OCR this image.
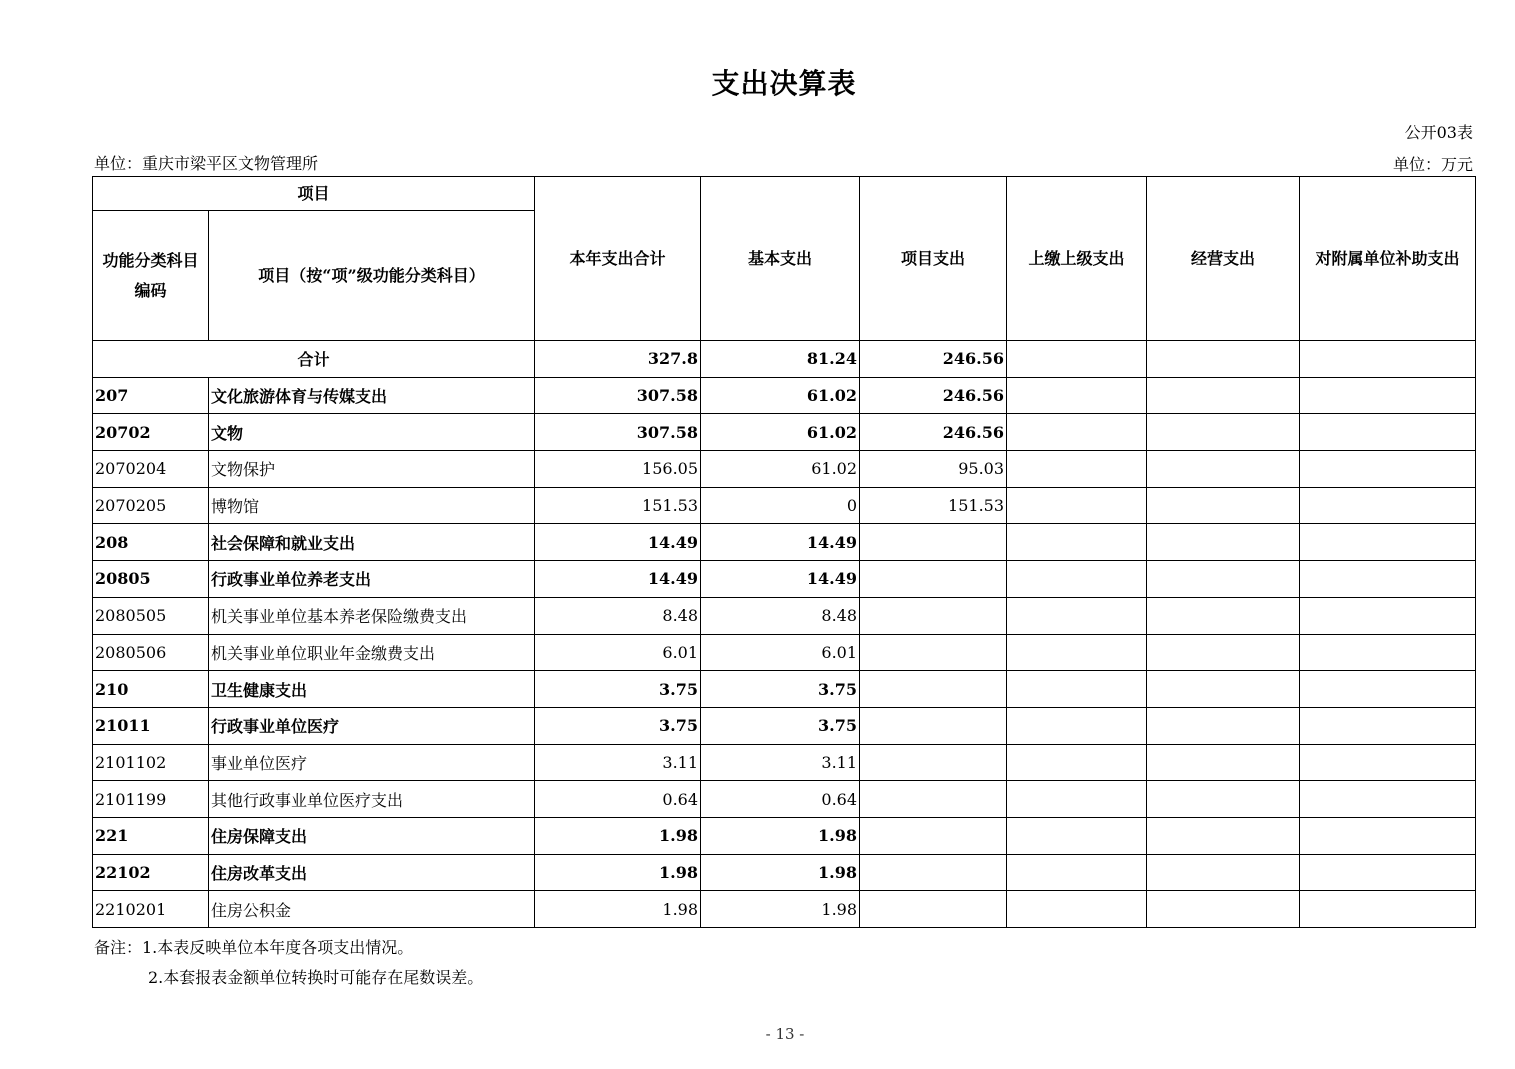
支出决算表
公开03表
单位：重庆市梁平区文物管理所	单位：万元
项目		本年支出合计	基本支出	项目支出	上缴上级支出	经营支出	对附属单位补助支出
功能分类科目编码	项目（按“项”级功能分类科目）						
合计		327.8	81.24	246.56			
207	文化旅游体育与传媒支出	307.58	61.02	246.56			
20702	文物	307.58	61.02	246.56			
2070204	文物保护	156.05	61.02	95.03			
2070205	博物馆	151.53	0	151.53			
208	社会保障和就业支出	14.49	14.49				
20805	行政事业单位养老支出	14.49	14.49				
2080505	机关事业单位基本养老保险缴费支出	8.48	8.48				
2080506	机关事业单位职业年金缴费支出	6.01	6.01				
210	卫生健康支出	3.75	3.75				
21011	行政事业单位医疗	3.75	3.75				
2101102	事业单位医疗	3.11	3.11				
2101199	其他行政事业单位医疗支出	0.64	0.64				
221	住房保障支出	1.98	1.98				
22102	住房改革支出	1.98	1.98				
2210201	住房公积金	1.98	1.98				
备注：1.本表反映单位本年度各项支出情况。
2.本套报表金额单位转换时可能存在尾数误差。
- 13 -
